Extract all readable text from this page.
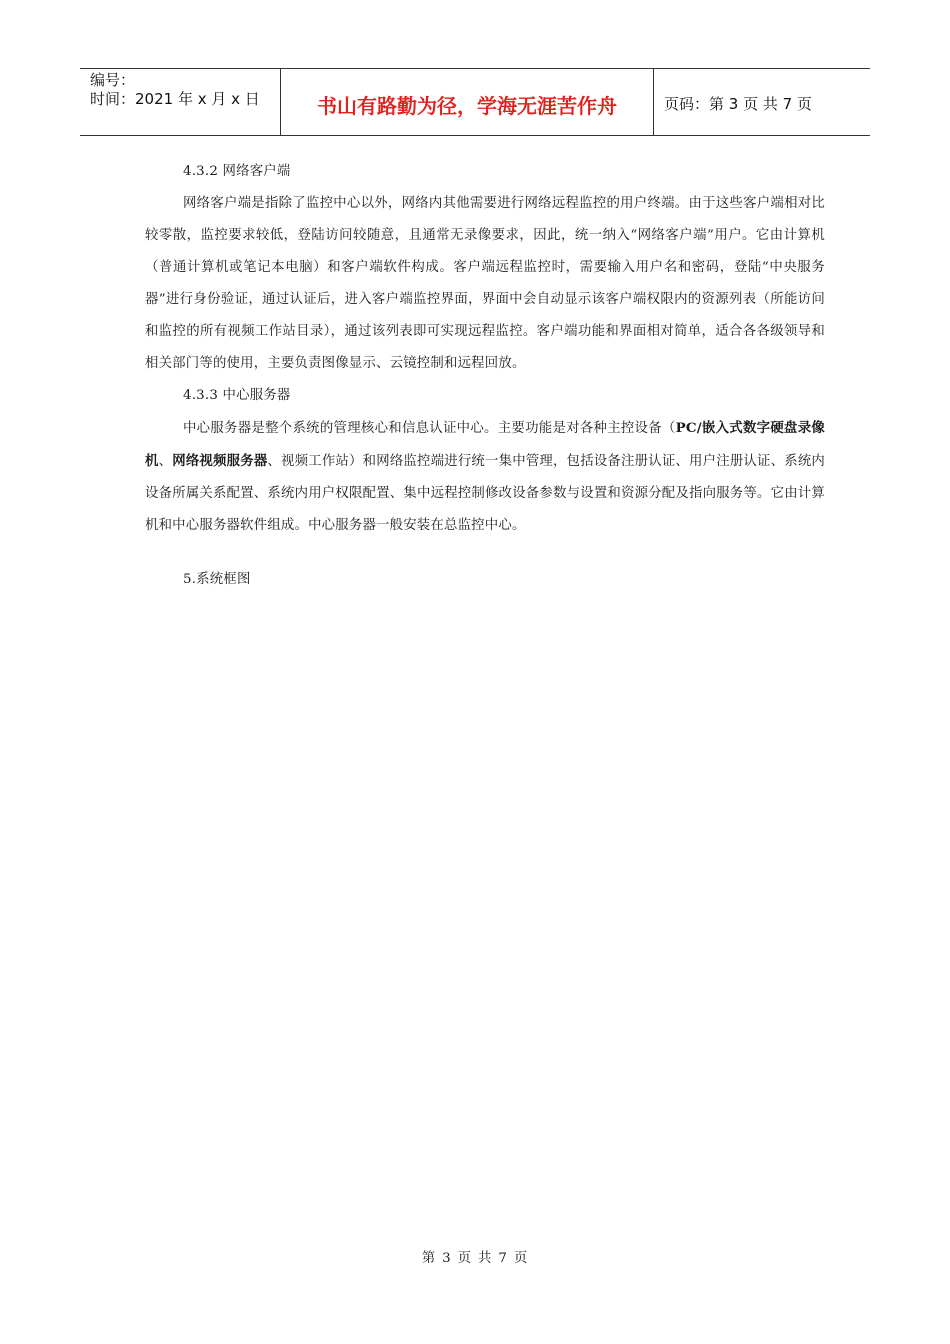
编号：
时间：2021 年 x 月 x 日	书山有路勤为径，学海无涯苦作舟	页码：第 3 页 共 7 页
4.3.2 网络客户端

网络客户端是指除了监控中心以外，网络内其他需要进行网络远程监控的用户终端。由于这些客户端相对比较零散，监控要求较低，登陆访问较随意，且通常无录像要求，因此，统一纳入“网络客户端”用户。它由计算机（普通计算机或笔记本电脑）和客户端软件构成。客户端远程监控时，需要输入用户名和密码，登陆“中央服务器”进行身份验证，通过认证后，进入客户端监控界面，界面中会自动显示该客户端权限内的资源列表（所能访问和监控的所有视频工作站目录），通过该列表即可实现远程监控。客户端功能和界面相对简单，适合各各级领导和相关部门等的使用，主要负责图像显示、云镜控制和远程回放。

4.3.3 中心服务器

中心服务器是整个系统的管理核心和信息认证中心。主要功能是对各种主控设备（PC/嵌入式数字硬盘录像机、网络视频服务器、视频工作站）和网络监控端进行统一集中管理，包括设备注册认证、用户注册认证、系统内设备所属关系配置、系统内用户权限配置、集中远程控制修改设备参数与设置和资源分配及指向服务等。它由计算机和中心服务器软件组成。中心服务器一般安装在总监控中心。

5.系统框图
第 3 页 共 7 页
